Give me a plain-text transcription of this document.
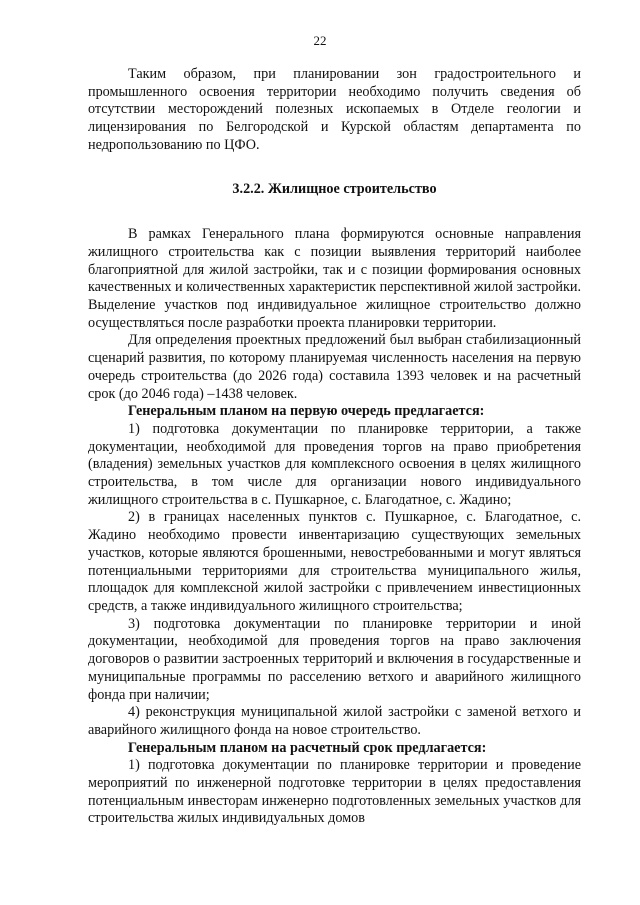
22

Таким образом, при планировании зон градостроительного и промышленного освоения территории необходимо получить сведения об отсутствии месторождений полезных ископаемых в Отделе геологии и лицензирования по Белгородской и Курской областям департамента по недропользованию по ЦФО.

3.2.2. Жилищное строительство

В рамках Генерального плана формируются основные направления жилищного строительства как с позиции выявления территорий наиболее благоприятной для жилой застройки, так и с позиции формирования основных качественных и количественных характеристик перспективной жилой застройки. Выделение участков под индивидуальное жилищное строительство должно осуществляться после разработки проекта планировки территории.

Для определения проектных предложений был выбран стабилизационный сценарий развития, по которому планируемая численность населения на первую очередь строительства (до 2026 года) составила 1393 человек и на расчетный срок (до 2046 года) –1438 человек.

Генеральным планом на первую очередь предлагается:

1) подготовка документации по планировке территории, а также документации, необходимой для проведения торгов на право приобретения (владения) земельных участков для комплексного освоения в целях жилищного строительства, в том числе для организации нового индивидуального жилищного строительства в с. Пушкарное, с. Благодатное, с. Жадино;

2) в границах населенных пунктов с. Пушкарное, с. Благодатное, с. Жадино необходимо провести инвентаризацию существующих земельных участков, которые являются брошенными, невостребованными и могут являться потенциальными территориями для строительства муниципального жилья, площадок для комплексной жилой застройки с привлечением инвестиционных средств, а также индивидуального жилищного строительства;

3) подготовка документации по планировке территории и иной документации, необходимой для проведения торгов на право заключения договоров о развитии застроенных территорий и включения в государственные и муниципальные программы по расселению ветхого и аварийного жилищного фонда при наличии;

4) реконструкция муниципальной жилой застройки с заменой ветхого и аварийного жилищного фонда на новое строительство.

Генеральным планом на расчетный срок предлагается:

1) подготовка документации по планировке территории и проведение мероприятий по инженерной подготовке территории в целях предоставления потенциальным инвесторам инженерно подготовленных земельных участков для строительства жилых индивидуальных домов
